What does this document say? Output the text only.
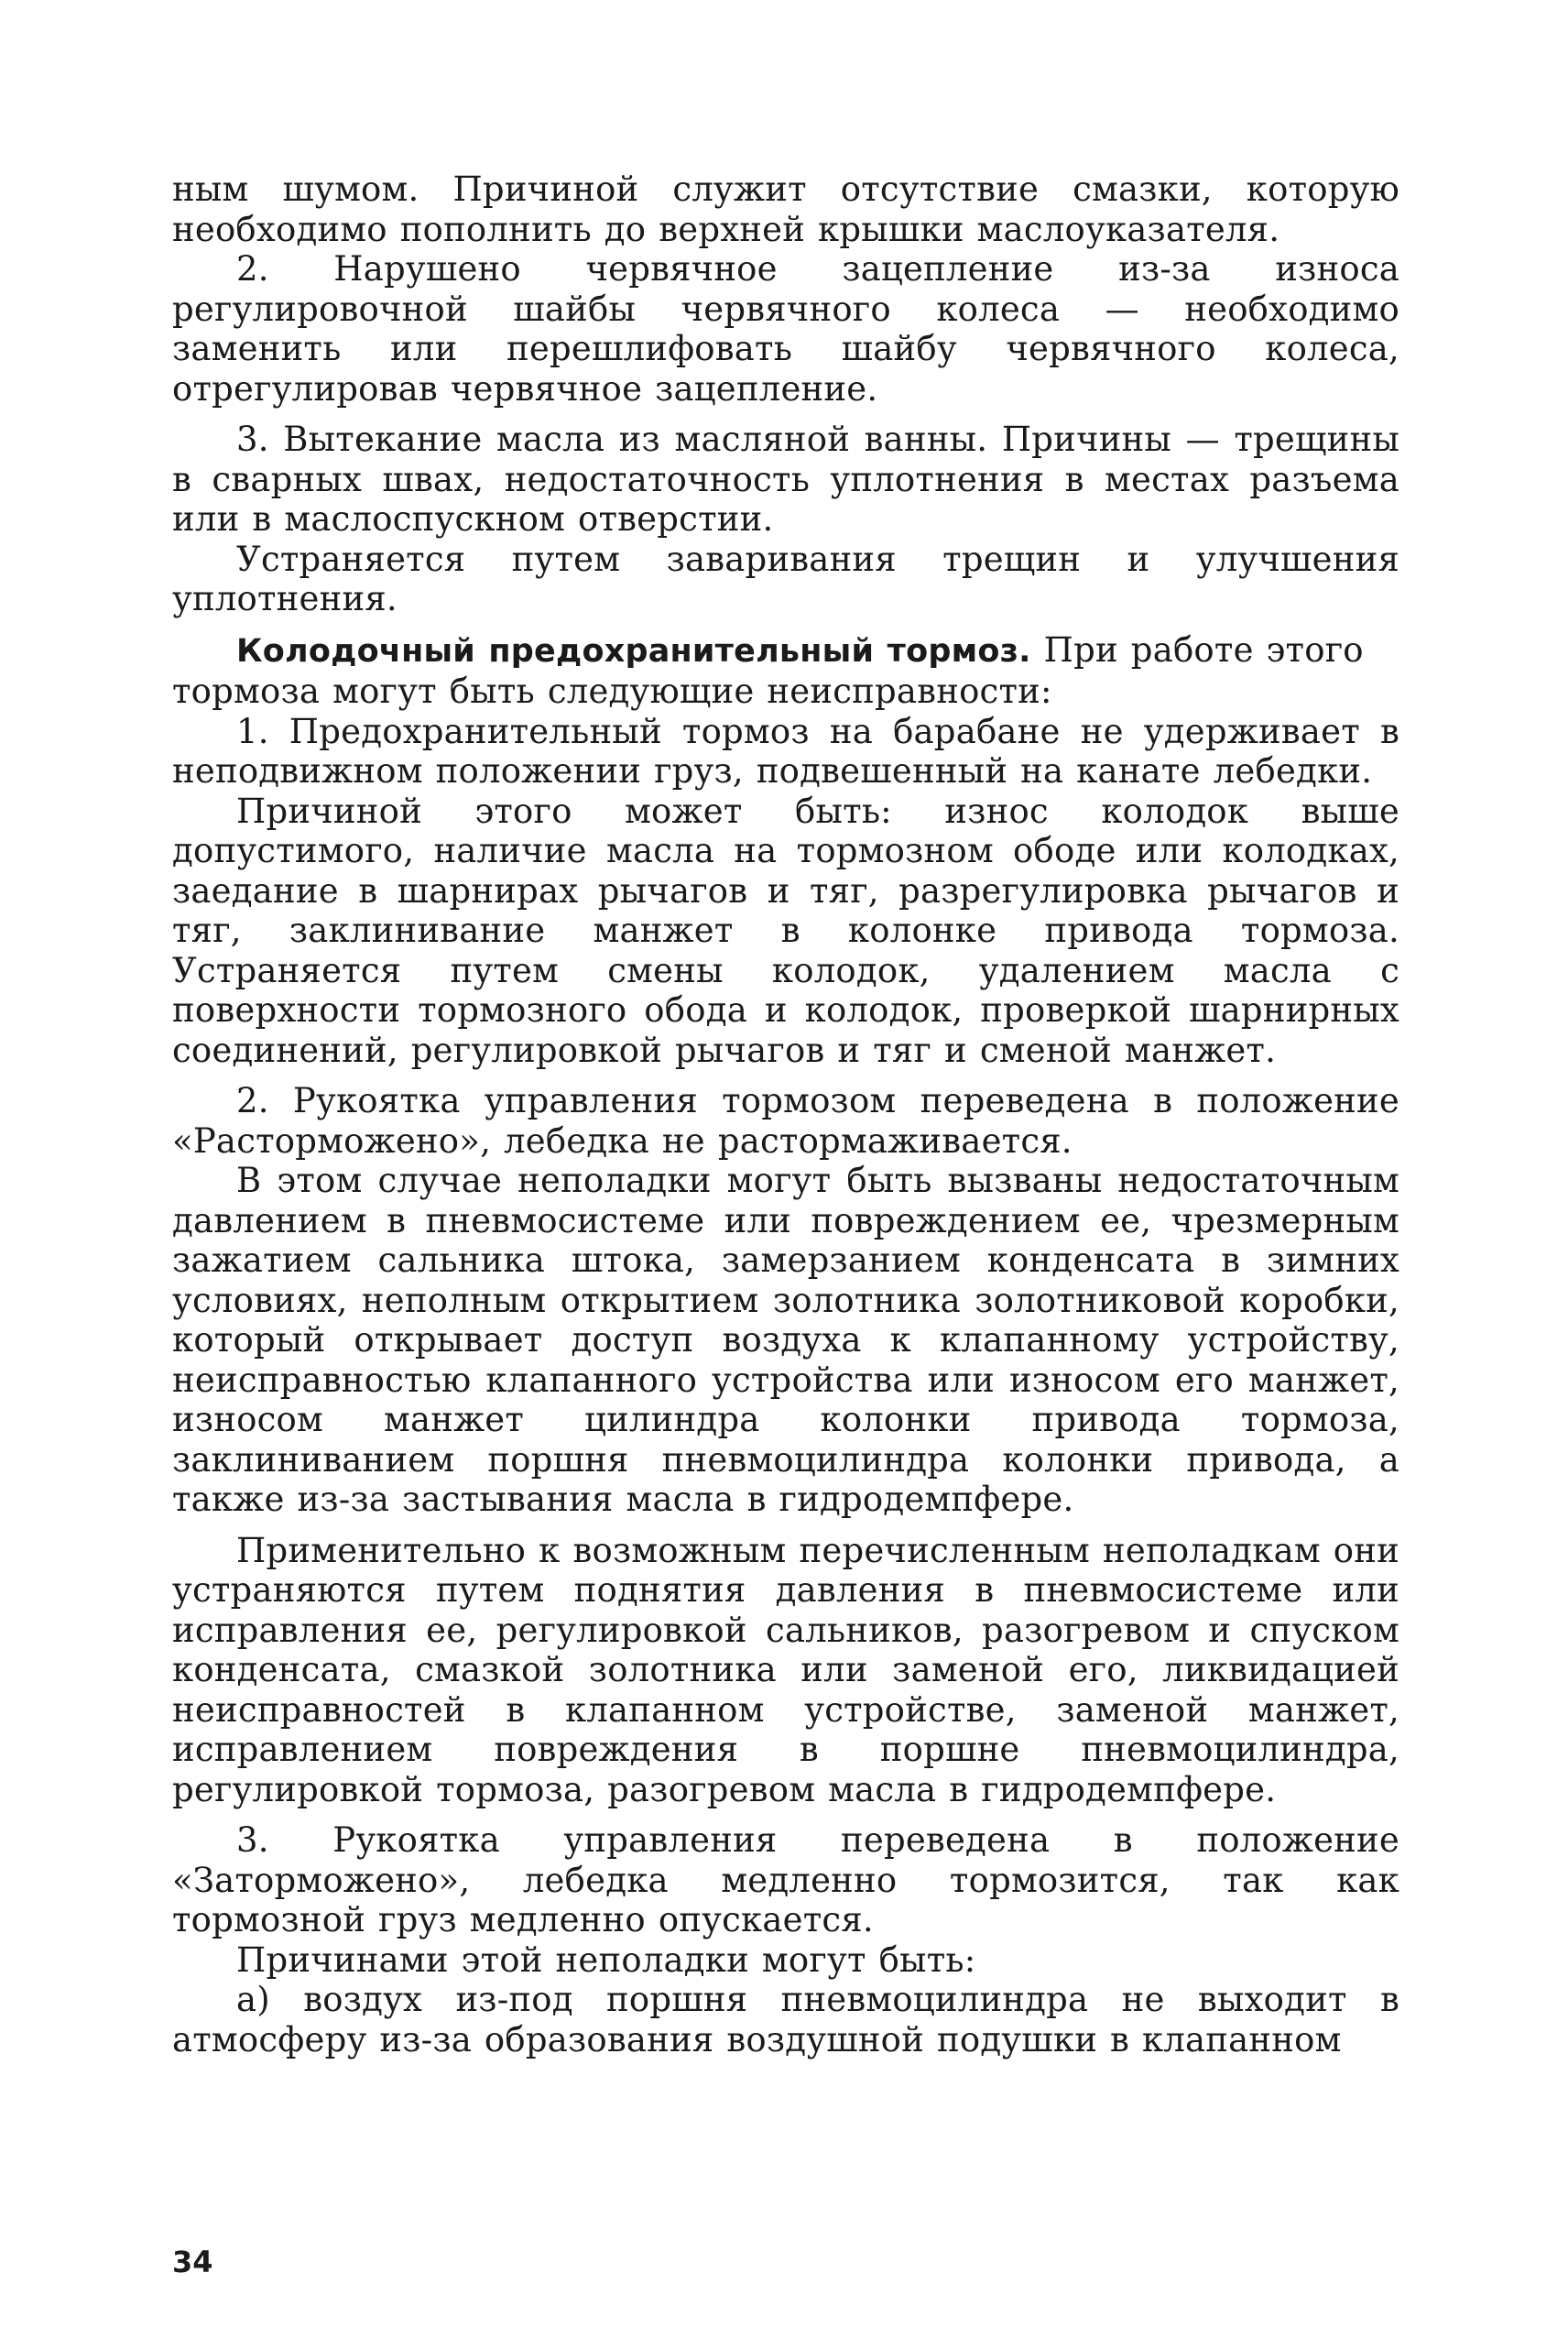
ным шумом. Причиной служит отсутствие смазки, которую необходимо пополнить до верхней крышки маслоуказателя.

2. Нарушено червячное зацепление из-за износа регулировочной шайбы червячного колеса — необходимо заменить или перешлифовать шайбу червячного колеса, отрегулировав червячное зацепление.

3. Вытекание масла из масляной ванны. Причины — трещины в сварных швах, недостаточность уплотнения в местах разъема или в маслоспускном отверстии.

Устраняется путем заваривания трещин и улучшения уплотнения.

Колодочный предохранительный тормоз. При работе этого

тормоза могут быть следующие неисправности:

1. Предохранительный тормоз на барабане не удерживает в неподвижном положении груз, подвешенный на канате лебедки.

Причиной этого может быть: износ колодок выше допустимого, наличие масла на тормозном ободе или колодках, заедание в шарнирах рычагов и тяг, разрегулировка рычагов и тяг, заклинивание манжет в колонке привода тормоза. Устраняется путем смены колодок, удалением масла с поверхности тормозного обода и колодок, проверкой шарнирных соединений, регулировкой рычагов и тяг и сменой манжет.

2. Рукоятка управления тормозом переведена в положение «Расторможено», лебедка не растормаживается.

В этом случае неполадки могут быть вызваны недостаточным давлением в пневмосистеме или повреждением ее, чрезмерным зажатием сальника штока, замерзанием конденсата в зимних условиях, неполным открытием золотника золотниковой коробки, который открывает доступ воздуха к клапанному устройству, неисправностью клапанного устройства или износом его манжет, износом манжет цилиндра колонки привода тормоза, заклиниванием поршня пневмоцилиндра колонки привода, а также из-за застывания масла в гидродемпфере.

Применительно к возможным перечисленным неполадкам они устраняются путем поднятия давления в пневмосистеме или исправления ее, регулировкой сальников, разогревом и спуском конденсата, смазкой золотника или заменой его, ликвидацией неисправностей в клапанном устройстве, заменой манжет, исправлением повреждения в поршне пневмоцилиндра, регулировкой тормоза, разогревом масла в гидродемпфере.

3. Рукоятка управления переведена в положение «Заторможено», лебедка медленно тормозится, так как тормозной груз медленно опускается.

Причинами этой неполадки могут быть:

а) воздух из-под поршня пневмоцилиндра не выходит в атмосферу из-за образования воздушной подушки в клапанном

34
